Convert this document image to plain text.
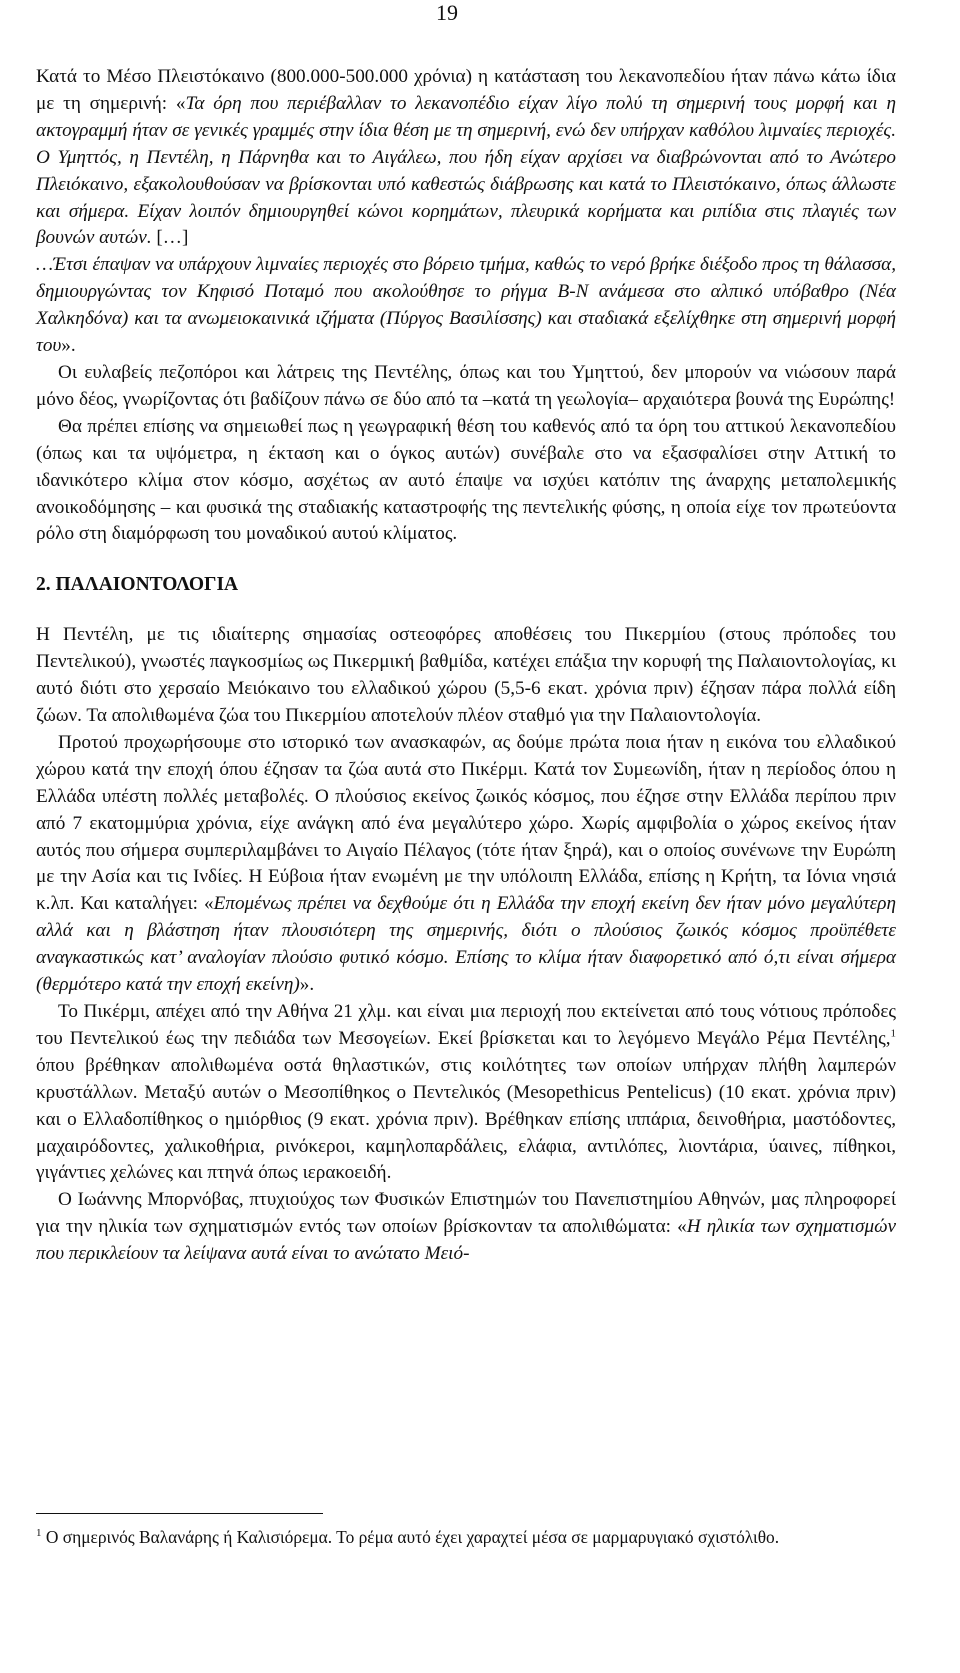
19

Κατά το Μέσο Πλειστόκαινο (800.000-500.000 χρόνια) η κατάσταση του λεκανοπεδίου ήταν πάνω κάτω ίδια με τη σημερινή: «Τα όρη που περιέβαλλαν το λεκανοπέδιο είχαν λίγο πολύ τη σημερινή τους μορφή και η ακτογραμμή ήταν σε γενικές γραμμές στην ίδια θέση με τη σημερινή, ενώ δεν υπήρχαν καθόλου λιμναίες περιοχές. Ο Υμηττός, η Πεντέλη, η Πάρνηθα και το Αιγάλεω, που ήδη είχαν αρχίσει να διαβρώνονται από το Ανώτερο Πλειόκαινο, εξακολουθούσαν να βρίσκονται υπό καθεστώς διάβρωσης και κατά το Πλειστόκαινο, όπως άλλωστε και σήμερα. Είχαν λοιπόν δημιουργηθεί κώνοι κορημάτων, πλευρικά κορήματα και ριπίδια στις πλαγιές των βουνών αυτών. […]

…Έτσι έπαψαν να υπάρχουν λιμναίες περιοχές στο βόρειο τμήμα, καθώς το νερό βρήκε διέξοδο προς τη θάλασσα, δημιουργώντας τον Κηφισό Ποταμό που ακολούθησε το ρήγμα Β-Ν ανάμεσα στο αλπικό υπόβαθρο (Νέα Χαλκηδόνα) και τα ανωμειοκαινικά ιζήματα (Πύργος Βασιλίσσης) και σταδιακά εξελίχθηκε στη σημερινή μορφή του».

Οι ευλαβείς πεζοπόροι και λάτρεις της Πεντέλης, όπως και του Υμηττού, δεν μπορούν να νιώσουν παρά μόνο δέος, γνωρίζοντας ότι βαδίζουν πάνω σε δύο από τα –κατά τη γεωλογία– αρχαιότερα βουνά της Ευρώπης!

Θα πρέπει επίσης να σημειωθεί πως η γεωγραφική θέση του καθενός από τα όρη του αττικού λεκανοπεδίου (όπως και τα υψόμετρα, η έκταση και ο όγκος αυτών) συνέβαλε στο να εξασφαλίσει στην Αττική το ιδανικότερο κλίμα στον κόσμο, ασχέτως αν αυτό έπαψε να ισχύει κατόπιν της άναρχης μεταπολεμικής ανοικοδόμησης – και φυσικά της σταδιακής καταστροφής της πεντελικής φύσης, η οποία είχε τον πρωτεύοντα ρόλο στη διαμόρφωση του μοναδικού αυτού κλίματος.

2. ΠΑΛΑΙΟΝΤΟΛΟΓΙΑ

Η Πεντέλη, με τις ιδιαίτερης σημασίας οστεοφόρες αποθέσεις του Πικερμίου (στους πρόποδες του Πεντελικού), γνωστές παγκοσμίως ως Πικερμική βαθμίδα, κατέχει επάξια την κορυφή της Παλαιοντολογίας, κι αυτό διότι στο χερσαίο Μειόκαινο του ελλαδικού χώρου (5,5-6 εκατ. χρόνια πριν) έζησαν πάρα πολλά είδη ζώων. Τα απολιθωμένα ζώα του Πικερμίου αποτελούν πλέον σταθμό για την Παλαιοντολογία.

Προτού προχωρήσουμε στο ιστορικό των ανασκαφών, ας δούμε πρώτα ποια ήταν η εικόνα του ελλαδικού χώρου κατά την εποχή όπου έζησαν τα ζώα αυτά στο Πικέρμι. Κατά τον Συμεωνίδη, ήταν η περίοδος όπου η Ελλάδα υπέστη πολλές μεταβολές. Ο πλούσιος εκείνος ζωικός κόσμος, που έζησε στην Ελλάδα περίπου πριν από 7 εκατομμύρια χρόνια, είχε ανάγκη από ένα μεγαλύτερο χώρο. Χωρίς αμφιβολία ο χώρος εκείνος ήταν αυτός που σήμερα συμπεριλαμβάνει το Αιγαίο Πέλαγος (τότε ήταν ξηρά), και ο οποίος συνένωνε την Ευρώπη με την Ασία και τις Ινδίες. Η Εύβοια ήταν ενωμένη με την υπόλοιπη Ελλάδα, επίσης η Κρήτη, τα Ιόνια νησιά κ.λπ. Και καταλήγει: «Επομένως πρέπει να δεχθούμε ότι η Ελλάδα την εποχή εκείνη δεν ήταν μόνο μεγαλύτερη αλλά και η βλάστηση ήταν πλουσιότερη της σημερινής, διότι ο πλούσιος ζωικός κόσμος προϋπέθετε αναγκαστικώς κατ’ αναλογίαν πλούσιο φυτικό κόσμο. Επίσης το κλίμα ήταν διαφορετικό από ό,τι είναι σήμερα (θερμότερο κατά την εποχή εκείνη)».

Το Πικέρμι, απέχει από την Αθήνα 21 χλμ. και είναι μια περιοχή που εκτείνεται από τους νότιους πρόποδες του Πεντελικού έως την πεδιάδα των Μεσογείων. Εκεί βρίσκεται και το λεγόμενο Μεγάλο Ρέμα Πεντέλης,$^1$ όπου βρέθηκαν απολιθωμένα οστά θηλαστικών, στις κοιλότητες των οποίων υπήρχαν πλήθη λαμπερών κρυστάλλων. Μεταξύ αυτών ο Μεσοπίθηκος ο Πεντελικός (Mesopethicus Pentelicus) (10 εκατ. χρόνια πριν) και ο Ελλαδοπίθηκος ο ημιόρθιος (9 εκατ. χρόνια πριν). Βρέθηκαν επίσης ιππάρια, δεινοθήρια, μαστόδοντες, μαχαιρόδοντες, χαλικοθήρια, ρινόκεροι, καμηλοπαρδάλεις, ελάφια, αντιλόπες, λιοντάρια, ύαινες, πίθηκοι, γιγάντιες χελώνες και πτηνά όπως ιερακοειδή.

Ο Ιωάννης Μπορνόβας, πτυχιούχος των Φυσικών Επιστημών του Πανεπιστημίου Αθηνών, μας πληροφορεί για την ηλικία των σχηματισμών εντός των οποίων βρίσκονταν τα απολιθώματα: «Η ηλικία των σχηματισμών που περικλείουν τα λείψανα αυτά είναι το ανώτατο Μειό-

$^1$ Ο σημερινός Βαλανάρης ή Καλισιόρεμα. Το ρέμα αυτό έχει χαραχτεί μέσα σε μαρμαρυγιακό σχιστόλιθο.
